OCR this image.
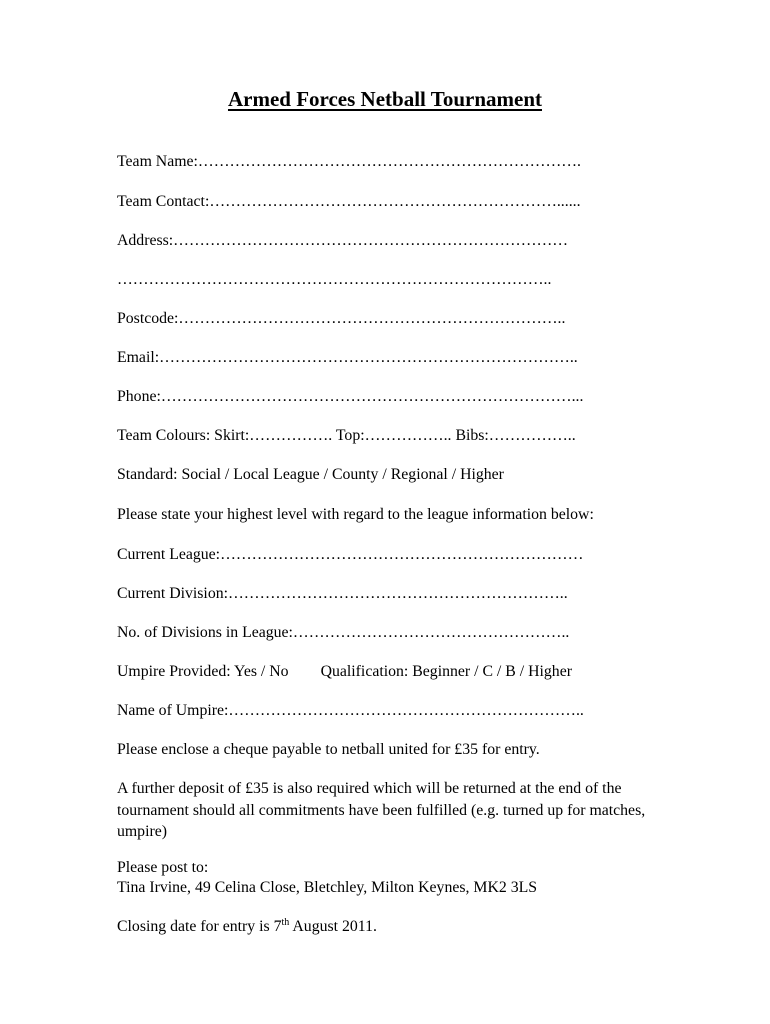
Armed Forces Netball Tournament

Team Name:……………………………………………………………….

Team Contact:…………………………………………………………......

Address:…………………………………………………………………

………………………………………………………………………..

Postcode:………………………………………………………………..

Email:……………………………………………………………………..

Phone:……………………………………………………………………...

Team Colours: Skirt:……………. Top:…………….. Bibs:……………..

Standard: Social / Local League / County / Regional / Higher

Please state your highest level with regard to the league information below:

Current League:……………………………………………………………

Current Division:………………………………………………………..

No. of Divisions in League:……………………………………………..

Umpire Provided: Yes / No Qualification: Beginner / C / B / Higher

Name of Umpire:…………………………………………………………..

Please enclose a cheque payable to netball united for £35 for entry.

A further deposit of £35 is also required which will be returned at the end of the tournament should all commitments have been fulfilled (e.g. turned up for matches, umpire)

Please post to:

Tina Irvine, 49 Celina Close, Bletchley, Milton Keynes, MK2 3LS

Closing date for entry is 7th August 2011.
